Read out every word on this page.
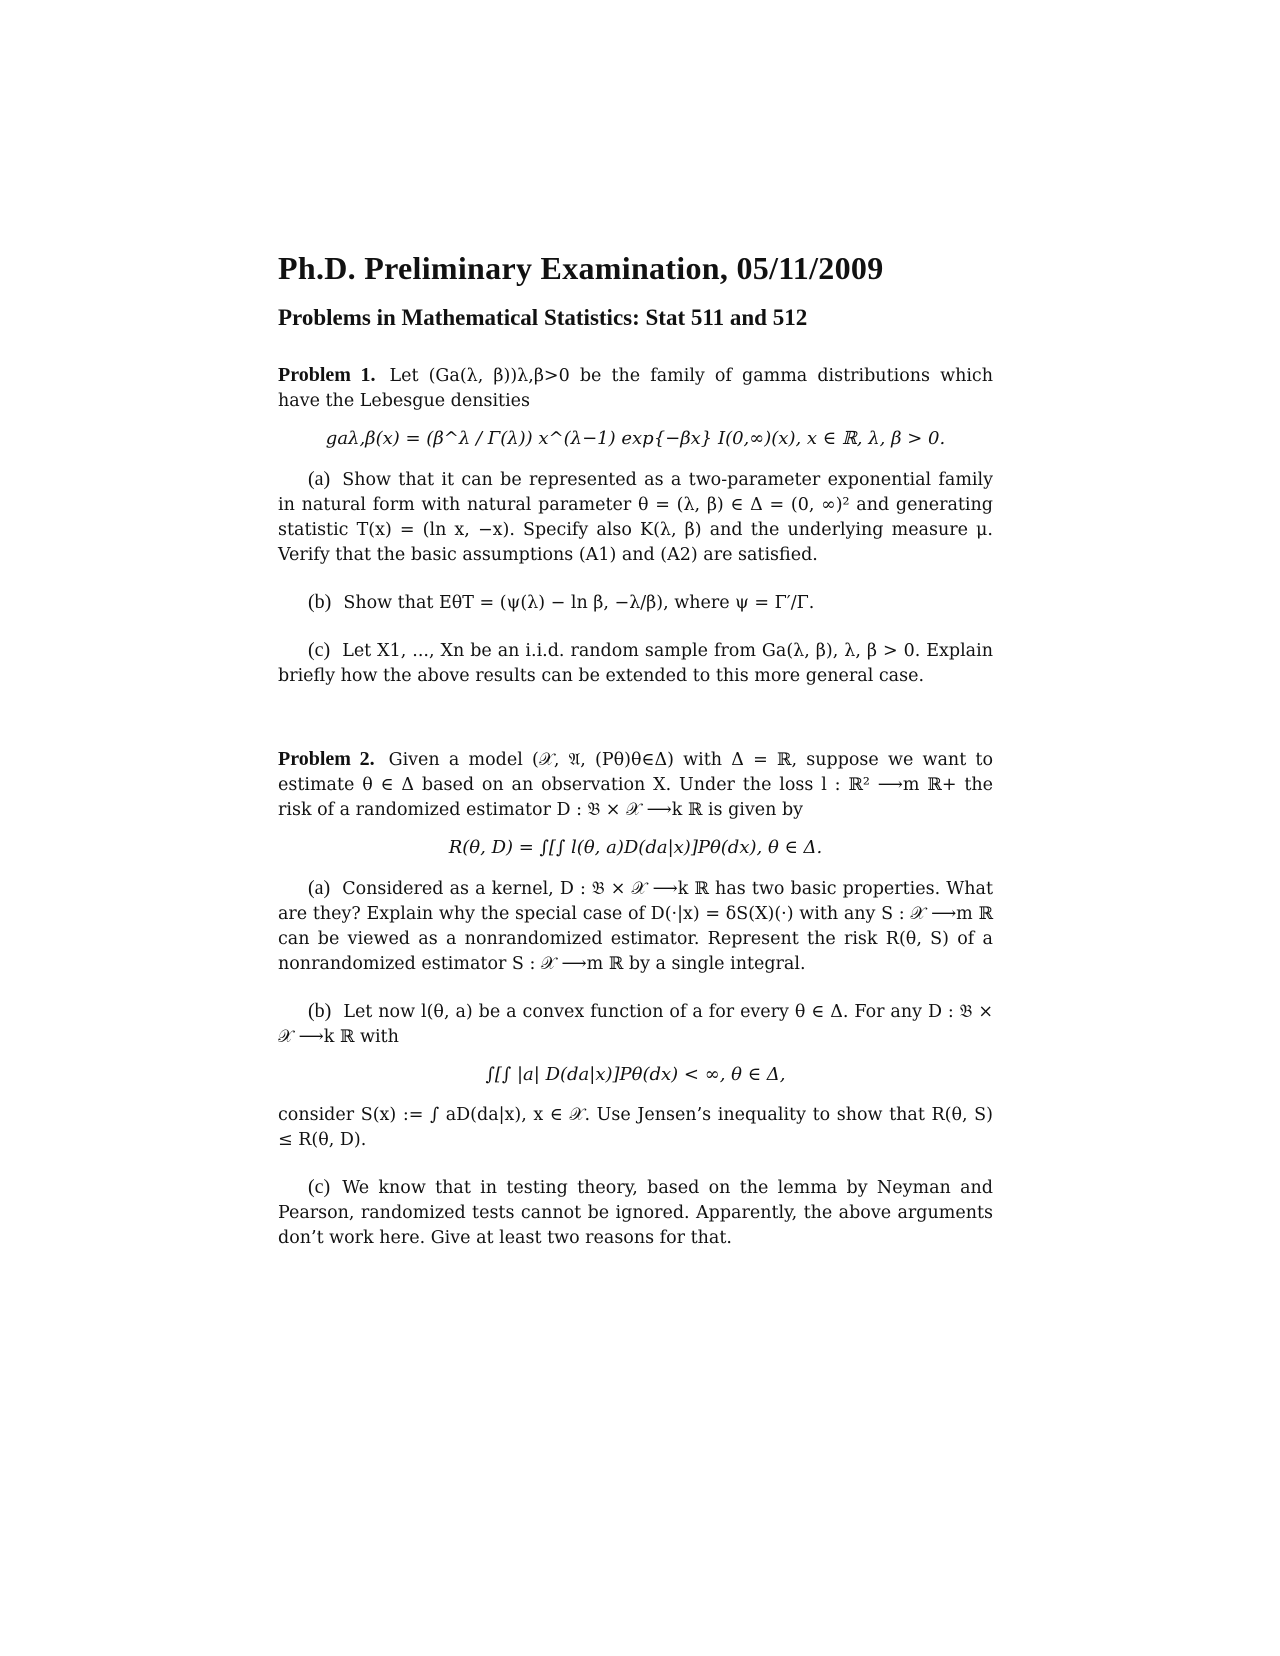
Ph.D. Preliminary Examination, 05/11/2009
Problems in Mathematical Statistics: Stat 511 and 512

Problem 1. Let (Ga(λ, β))λ,β>0 be the family of gamma distributions which have the Lebesgue densities

gaλ,β(x) = (β^λ / Γ(λ)) x^(λ−1) exp{−βx} I(0,∞)(x), x ∈ ℝ, λ, β > 0.

(a) Show that it can be represented as a two-parameter exponential family in natural form with natural parameter θ = (λ, β) ∈ Δ = (0, ∞)² and generating statistic T(x) = (ln x, −x). Specify also K(λ, β) and the underlying measure μ. Verify that the basic assumptions (A1) and (A2) are satisfied.

(b) Show that EθT = (ψ(λ) − ln β, −λ/β), where ψ = Γ′/Γ.

(c) Let X1, ..., Xn be an i.i.d. random sample from Ga(λ, β), λ, β > 0. Explain briefly how the above results can be extended to this more general case.

Problem 2. Given a model (𝒳, 𝔄, (Pθ)θ∈Δ) with Δ = ℝ, suppose we want to estimate θ ∈ Δ based on an observation X. Under the loss l : ℝ² ⟶m ℝ+ the risk of a randomized estimator D : 𝔅 × 𝒳 ⟶k ℝ is given by

R(θ, D) = ∫[∫ l(θ, a)D(da|x)]Pθ(dx), θ ∈ Δ.

(a) Considered as a kernel, D : 𝔅 × 𝒳 ⟶k ℝ has two basic properties. What are they? Explain why the special case of D(·|x) = δS(X)(·) with any S : 𝒳 ⟶m ℝ can be viewed as a nonrandomized estimator. Represent the risk R(θ, S) of a nonrandomized estimator S : 𝒳 ⟶m ℝ by a single integral.

(b) Let now l(θ, a) be a convex function of a for every θ ∈ Δ. For any D : 𝔅 × 𝒳 ⟶k ℝ with

∫[∫ |a| D(da|x)]Pθ(dx) < ∞, θ ∈ Δ,

consider S(x) := ∫ aD(da|x), x ∈ 𝒳. Use Jensen’s inequality to show that R(θ, S) ≤ R(θ, D).

(c) We know that in testing theory, based on the lemma by Neyman and Pearson, randomized tests cannot be ignored. Apparently, the above arguments don’t work here. Give at least two reasons for that.
